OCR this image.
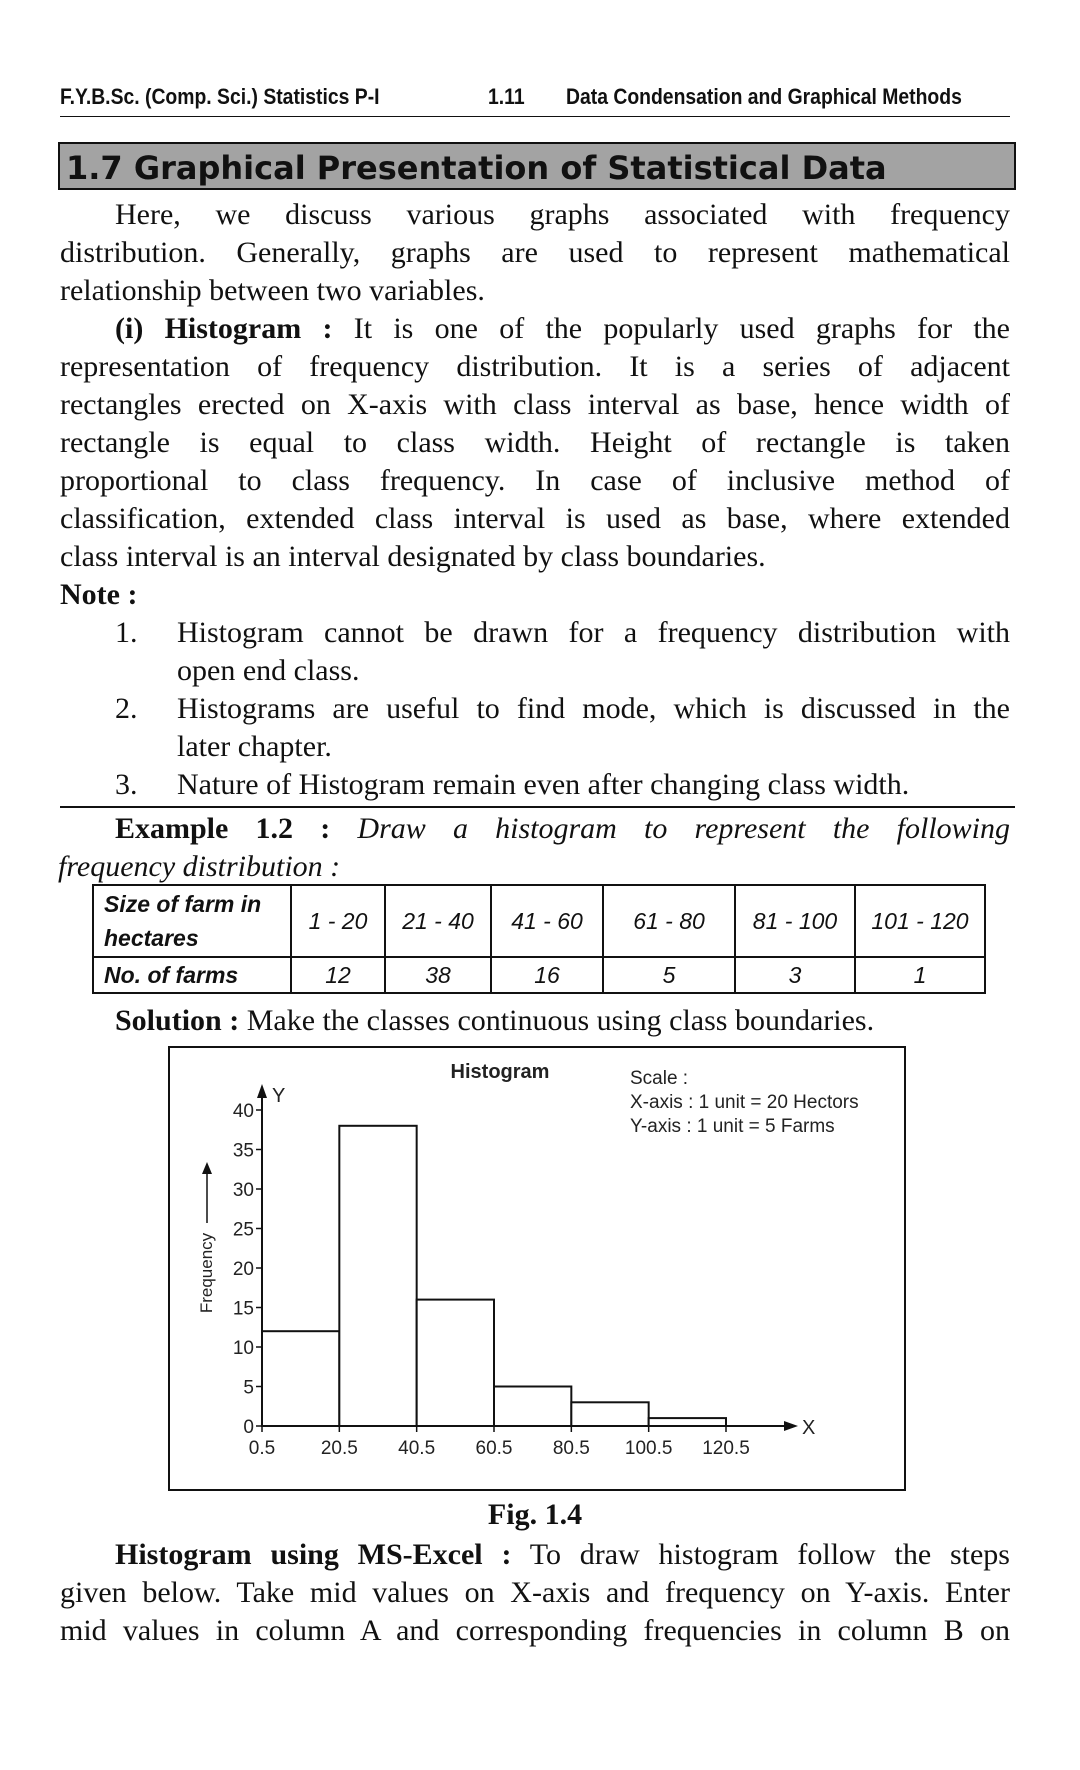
F.Y.B.Sc. (Comp. Sci.) Statistics P-I	1.11 Data Condensation and Graphical Methods
1.7 Graphical Presentation of Statistical Data
Here, we discuss various graphs associated with frequency
distribution. Generally, graphs are used to represent mathematical
relationship between two variables.
(i) Histogram : It is one of the popularly used graphs for the
representation of frequency distribution. It is a series of adjacent
rectangles erected on X-axis with class interval as base, hence width of
rectangle is equal to class width. Height of rectangle is taken
proportional to class frequency. In case of inclusive method of
classification, extended class interval is used as base, where extended
class interval is an interval designated by class boundaries.
Note :
1. Histogram cannot be drawn for a frequency distribution with
open end class.
2. Histograms are useful to find mode, which is discussed in the
later chapter.
3. Nature of Histogram remain even after changing class width.
Example 1.2 : Draw a histogram to represent the following
frequency distribution :
Size of farm in
hectares	1 - 20	21 - 40	41 - 60	61 - 80	81 - 100	101 - 120
No. of farms	12	38	16	5	3	1
Solution : Make the classes continuous using class boundaries.
0
5
10
15
20
25
30
35
40
0.5 20.5 40.5 60.5 80.5 100.5 120.5
Y
X
Frequency
Histogram	Scale :
X-axis : 1 unit = 20 Hectors
Y-axis : 1 unit = 5 Farms
Fig. 1.4
Histogram using MS-Excel : To draw histogram follow the steps
given below. Take mid values on X-axis and frequency on Y-axis. Enter
mid values in column A and corresponding frequencies in column B on
